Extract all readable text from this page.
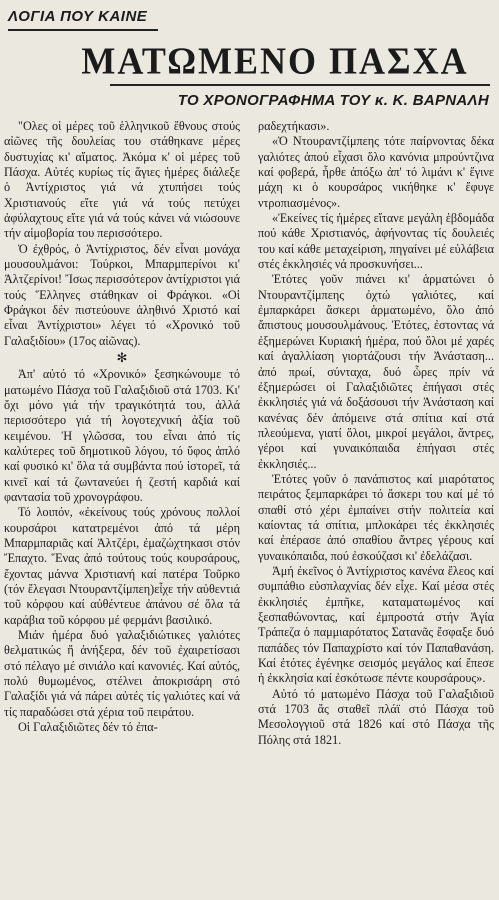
ΛΟΓΙΑ ΠΟΥ ΚΑΙΝΕ
ΜΑΤΩΜΕΝΟ ΠΑΣΧΑ
ΤΟ ΧΡΟΝΟΓΡΑΦΗΜΑ ΤΟΥ κ. Κ. ΒΑΡΝΑΛΗ

"Ολες οἱ μέρες τοῦ ἑλληνικοῦ ἔθνους στούς αἰῶνες τῆς δουλείας του στάθηκανε μέρες δυστυχίας κι' αἵματος. Ἀκόμα κ' οἱ μέρες τοῦ Πάσχα. Αὐτές κυρίως τίς ἅγιες ἡμέρες διάλεξε ὁ Ἀντίχριστος γιά νά χτυπήσει τούς Χριστιανούς εἴτε γιά νά τούς πετύχει ἀφύλαχτους εἴτε γιά νά τούς κάνει νά νιώσουνε τήν αἱμοβορία του περισσότερο.

Ὁ ἐχθρός, ὁ Ἀντίχριστος, δέν εἶναι μονάχα μουσουλμάνοι: Τούρκοι, Μπαρμπερίνοι κι' Ἀλτζερίνοι! Ἴσως περισσότερον ἀντίχριστοι γιά τούς Ἕλληνες στάθηκαν οἱ Φράγκοι. «Οἱ Φράγκοι δέν πιστεύουνε ἀληθινό Χριστό καί εἶναι Ἀντίχριστοι» λέγει τό «Χρονικό τοῦ Γαλαξιδίου» (17ος αἰῶνας).

✻

Ἀπ' αὐτό τό «Χρονικό» ξεσηκώνουμε τό ματωμένο Πάσχα τοῦ Γαλαξιδιοῦ στά 1703. Κι' ὄχι μόνο γιά τήν τραγικότητά του, ἀλλά περισσότερο γιά τή λογοτεχνική ἀξία τοῦ κειμένου. Ἡ γλῶσσα, του εἶναι ἀπό τίς καλύτερες τοῦ δημοτικοῦ λόγου, τό ὕφος ἁπλό καί φυσικό κι' ὅλα τά συμβάντα πού ἱστορεῖ, τά κινεῖ καί τά ζωντανεύει ἡ ζεστή καρδιά καί φαντασία τοῦ χρονογράφου.

Τό λοιπόν, «ἐκείνους τούς χρόνους πολλοί κουρσάροι κατατρεμένοι ἀπό τά μέρη Μπαρμπαριᾶς καί Ἀλτζέρι, ἐμαζώχτηκασι στόν Ἔπαχτο. Ἕνας ἀπό τούτους τούς κουρσάρους, ἔχοντας μάννα Χριστιανή καί πατέρα Τοῦρκο (τόν ἔλεγασι Ντουραντζίμπεη)εἶχε τήν αὐθεντιά τοῦ κόρφου καί αὐθέντευε ἀπάνου σέ ὅλα τά καράβια τοῦ κόρφου μέ φερμάνι βασιλικό.

Μιάν ἡμέρα δυό γαλαξιδιώτικες γαλιότες θελματικώς ἤ ἀνήξερα, δέν τοῦ ἐχαιρετίσασι στό πέλαγο μέ σινιάλο καί κανονιές. Καί αὐτός, πολύ θυμωμένος, στέλνει ἀποκρισάρη στό Γαλαξίδι γιά νά πάρει αὐτές τίς γαλιότες καί νά τίς παραδώσει στά χέρια τοῦ πειράτου.

Οἱ Γαλαξιδιῶτες δέν τό ἐπα-

ραδεχτήκασι».

«Ὁ Ντουραντζίμπεης τότε παίρνοντας δέκα γαλιότες ἀπού εἶχασι ὅλο κανόνια μπρούντζινα καί φοβερά, ἦρθε ἀπόξω ἀπ' τό λιμάνι κ' ἔγινε μάχη κι ὁ κουρσάρος νικήθηκε κ' ἔφυγε ντροπιασμένος».

«Ἐκείνες τίς ἡμέρες εἴτανε μεγάλη ἑβδομάδα πού κάθε Χριστιανός, ἀφήνοντας τίς δουλειές του καί κάθε μεταχείριση, πηγαίνει μέ εὐλάβεια στές ἐκκλησιές νά προσκυνήσει...

Ἐτότες γοῦν πιάνει κι' ἁρματώνει ὁ Ντουραντζίμπεης ὀχτώ γαλιότες, καί ἐμπαρκάρει ἄσκερι ἁρματωμένο, ὅλο ἀπό ἄπιστους μουσουλμάνους. Ἐτότες, ἐστοντας νά ἐξημερώνει Κυριακή ἡμέρα, πού ὅλοι μέ χαρές καί ἀγαλλίαση γιορτάζουσι τήν Ἀνάσταση... ἀπό πρωί, σύνταχα, δυό ὧρες πρίν νά ἐξημερώσει οἱ Γαλαξιδιῶτες ἐπήγασι στές ἐκκλησιές γιά νά δοξάσουσι τήν Ἀνάσταση καί κανένας δέν ἀπόμεινε στά σπίτια καί στά πλεούμενα, γιατί ὅλοι, μικροί μεγάλοι, ἄντρες, γέροι καί γυναικόπαιδα ἐπήγασι στές ἐκκλησιές...

Ἐτότες γοῦν ὁ πανάπιστος καί μιαρότατος πειράτος ξεμπαρκάρει τό ἄσκερι του καί μέ τό σπαθί στό χέρι ἐμπαίνει στήν πολιτεία καί καίοντας τά σπίτια, μπλοκάρει τές ἐκκλησιές καί ἐπέρασε ἀπό σπαθίου ἄντρες γέρους καί γυναικόπαιδα, πού ἐσκούζασι κι' ἐδελάζασι.

Ἀμή ἐκεῖνος ὁ Ἀντίχριστος κανένα ἔλεος καί συμπάθιο εὐσπλαχνίας δέν εἶχε. Καί μέσα στές ἐκκλησιές ἐμπῆκε, καταματωμένος καί ξεσπαθώνοντας, καί ἐμπροστά στήν Ἁγία Τράπεζα ὁ παμμιαρότατος Σατανᾶς ἔσφαξε δυό παπάδες τόν Παπαχρίστο καί τόν Παπαθανάση. Καί ἐτότες ἐγένηκε σεισμός μεγάλος καί ἔπεσε ἡ ἐκκλησία καί ἐσκότωσε πέντε κουρσάρους».

Αὐτό τό ματωμένο Πάσχα τοῦ Γαλαξιδιοῦ στά 1703 ἄς σταθεῖ πλάϊ στό Πάσχα τοῦ Μεσολογγιοῦ στά 1826 καί στό Πάσχα τῆς Πόλης στά 1821.
